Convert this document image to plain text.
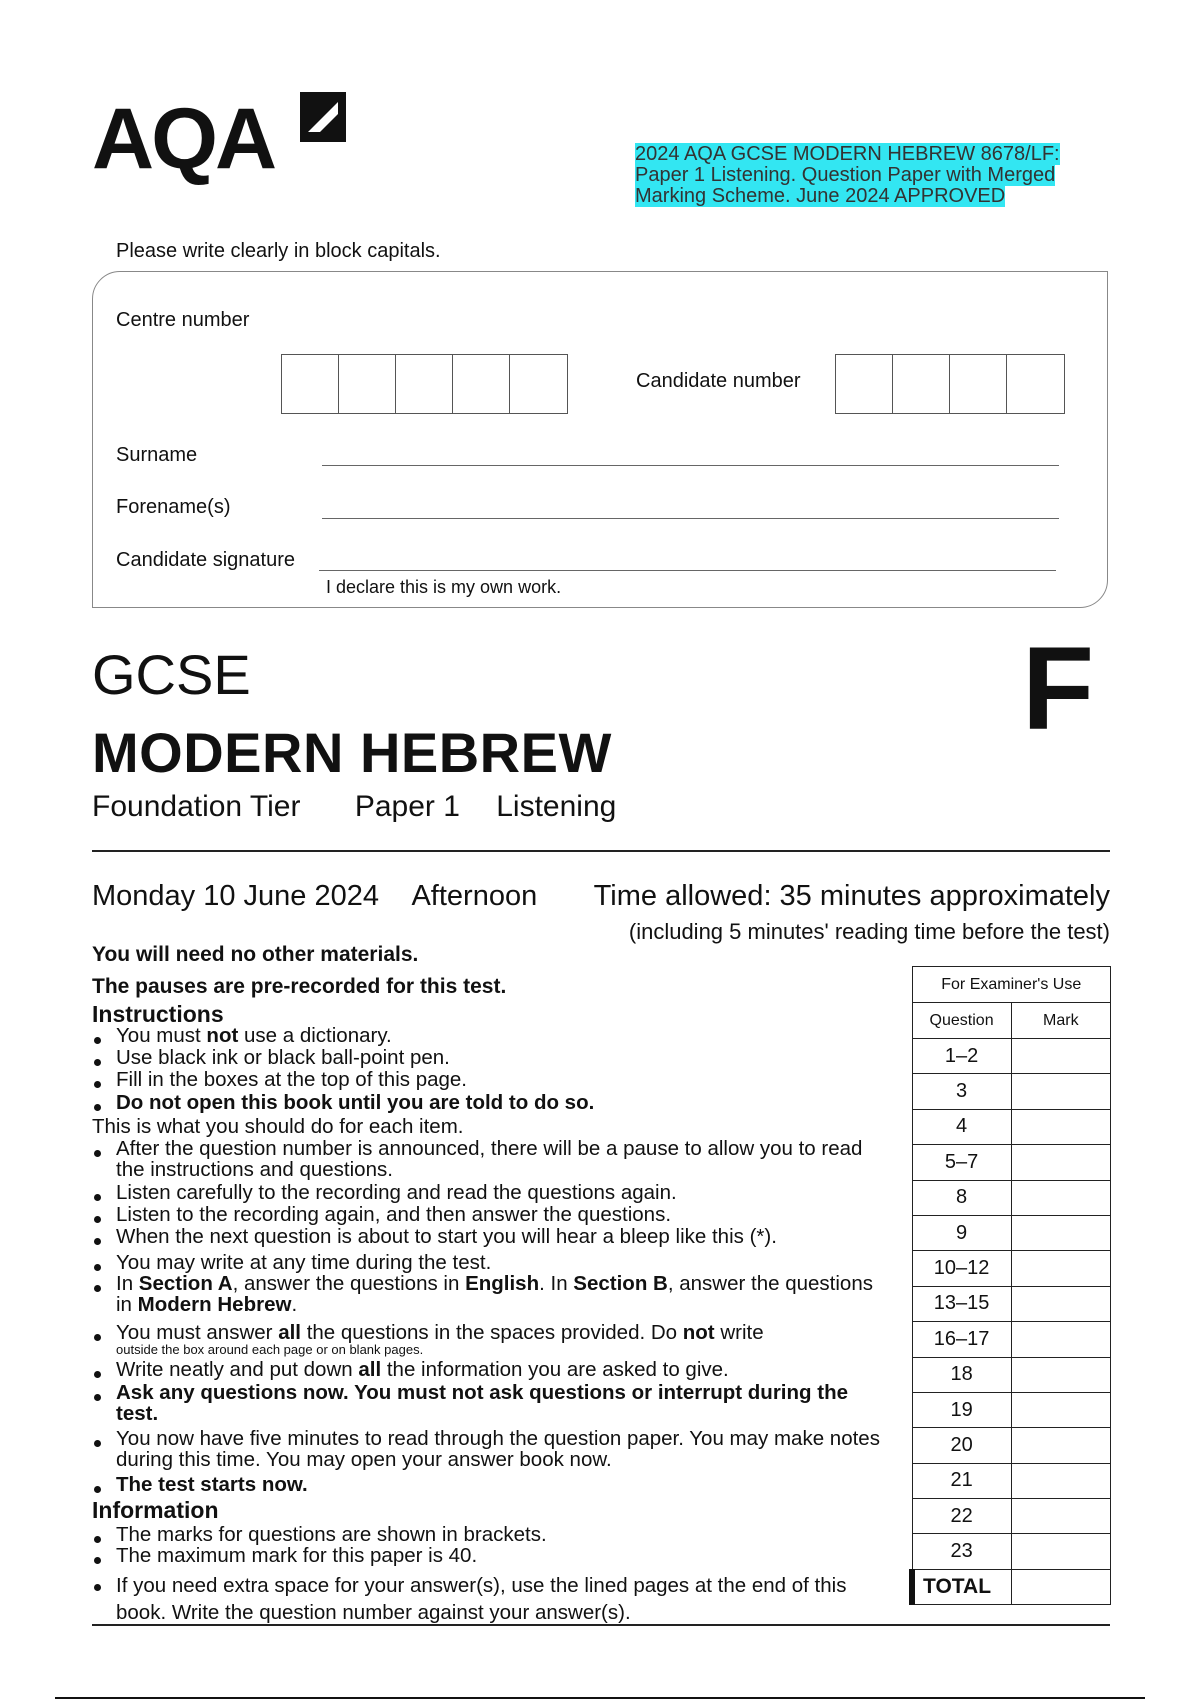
AQA	2024 AQA GCSE MODERN HEBREW 8678/LF: Paper 1 Listening. Question Paper with Merged Marking Scheme. June 2024 APPROVED
Please write clearly in block capitals.
Centre number
Candidate number
Surname
Forename(s)
Candidate signature
I declare this is my own work.
GCSE
MODERN HEBREW	F
Foundation Tier Paper 1 Listening
Monday 10 June 2024 Afternoon	Time allowed: 35 minutes approximately
(including 5 minutes' reading time before the test)
You will need no other materials.
The pauses are pre-recorded for this test.
Instructions
You must not use a dictionary.
Use black ink or black ball-point pen.
Fill in the boxes at the top of this page.
Do not open this book until you are told to do so.
This is what you should do for each item.
After the question number is announced, there will be a pause to allow you to read the instructions and questions.
Listen carefully to the recording and read the questions again.
Listen to the recording again, and then answer the questions.
When the next question is about to start you will hear a bleep like this (*).
You may write at any time during the test.
In Section A, answer the questions in English. In Section B, answer the questions in Modern Hebrew.
You must answer all the questions in the spaces provided. Do not write
outside the box around each page or on blank pages.
Write neatly and put down all the information you are asked to give.
Ask any questions now. You must not ask questions or interrupt during the test.
You now have five minutes to read through the question paper. You may make notes during this time. You may open your answer book now.
The test starts now.
Information
The marks for questions are shown in brackets.
The maximum mark for this paper is 40.
If you need extra space for your answer(s), use the lined pages at the end of this book. Write the question number against your answer(s).
For Examiner's Use	
Question	Mark
1–2	
3	
4	
5–7	
8	
9	
10–12	
13–15	
16–17	
18	
19	
20	
21	
22	
23	
TOTAL	
